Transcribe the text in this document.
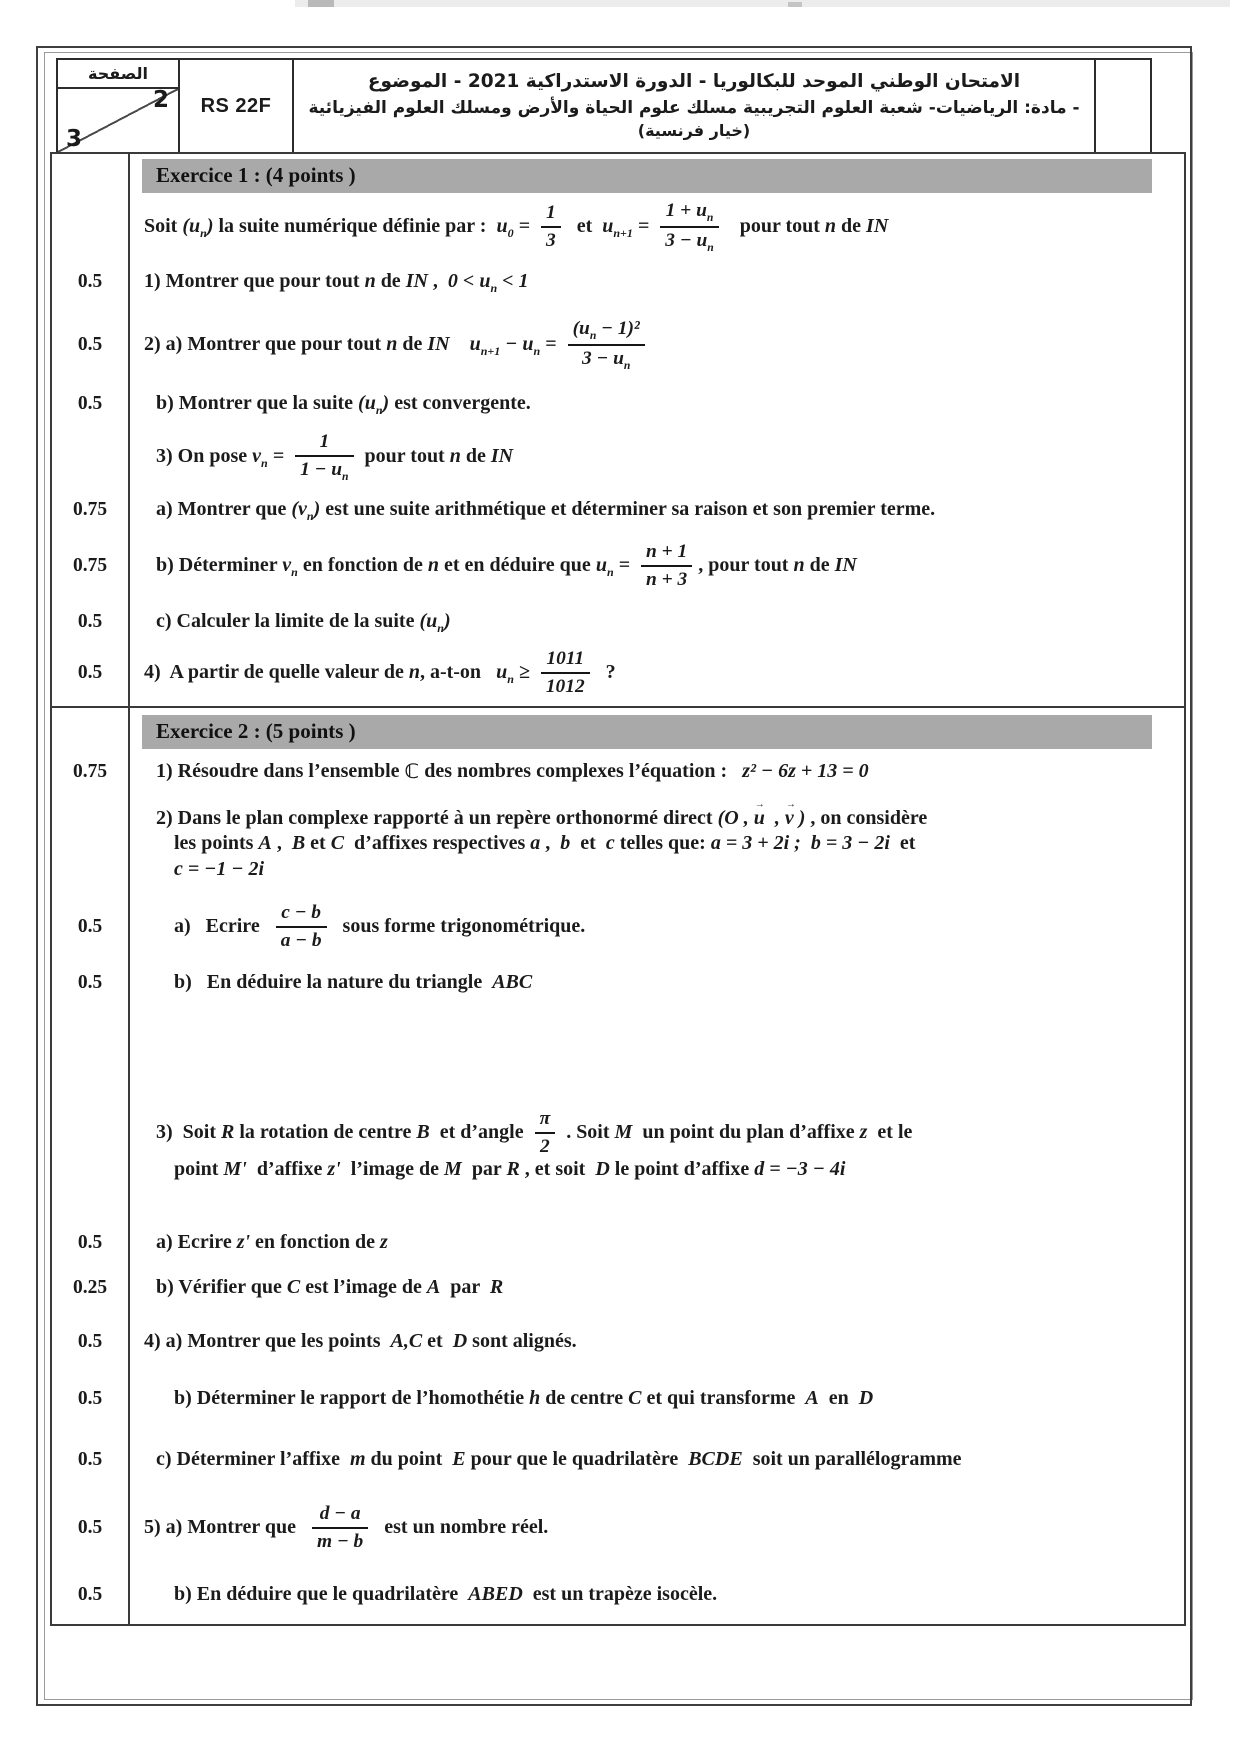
الصفحة
2
3
RS 22F
الامتحان الوطني الموحد للبكالوريا - الدورة الاستدراكية 2021 - الموضوع
- مادة: الرياضيات- شعبة العلوم التجريبية مسلك علوم الحياة والأرض ومسلك العلوم الفيزيائية
(خيار فرنسية)
Exercice 1 : (4 points )
Soit ( $u_n$ ) la suite numérique définie par : $u_0 = \frac{1}{3}$ et $u_{n+1} = \frac{1 + u_n}{3 - u_n}$ pour tout n de IN
0.5	1) Montrer que pour tout n de IN , $0 < u_n < 1$
0.5	2) a) Montrer que pour tout n de IN
$u_{n+1} - u_n = \frac{( u_n - 1)^2}{3 - u_n}$
0.5	b) Montrer que la suite ( $u_n$ ) est convergente.
3) On pose $v_n = \frac{1}{1 - u_n}$ pour tout n de IN
0.75	a) Montrer que ( $v_n$ ) est une suite arithmétique et déterminer sa raison et son premier terme.
0.75	b) Déterminer $v_n$ en fonction de n et en déduire que $u_n = \frac{n + 1}{n + 3}$ , pour tout n de IN
0.5	c) Calculer la limite de la suite ( $u_n$ )
0.5	4)  A partir de quelle valeur de n , a-t-on $u_n \ge \frac{1011}{1012}$ ?
Exercice 2 : (5 points )
0.75	1) Résoudre dans l’ensemble ℂ des nombres complexes l’équation : z² − 6z + 13 = 0
2) Dans le plan complexe rapporté à un repère orthonormé direct (O , u → , v → ) , on considère
les points A , B et C d’affixes respectives a , b et c telles que: a = 3 + 2i ;  b = 3 − 2i et
c = −1 − 2i
0.5	a)   Ecrire $\frac{c - b}{a - b}$ sous forme trigonométrique.
0.5	b)   En déduire la nature du triangle ABC
3)  Soit R la rotation de centre B et d’angle $\frac{\pi}{2}$ . Soit M un point du plan d’affixe z et le
point M' d’affixe z' l’image de M par R , et soit D le point d’affixe d = −3 − 4i
0.5	a) Ecrire z' en fonction de z
0.25	b) Vérifier que C est l’image de A par R
0.5	4) a) Montrer que les points A,C et D sont alignés.
0.5	b) Déterminer le rapport de l’homothétie h de centre C et qui transforme A en D
0.5	c) Déterminer l’affixe m du point E pour que le quadrilatère BCDE soit un parallélogramme
0.5	5) a) Montrer que $\frac{d - a}{m - b}$ est un nombre réel.
0.5	b) En déduire que le quadrilatère ABED est un trapèze isocèle.
